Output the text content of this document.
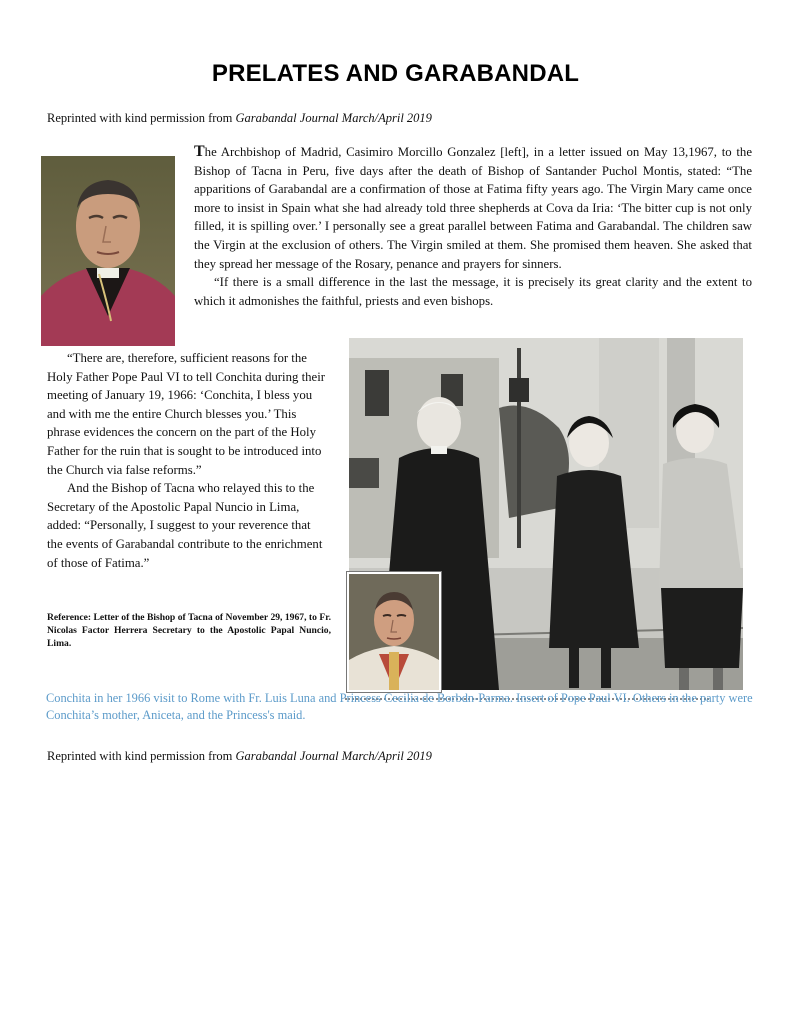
PRELATES AND GARABANDAL
Reprinted with kind permission from Garabandal Journal March/April 2019

The Archbishop of Madrid, Casimiro Morcillo Gonzalez [left], in a letter issued on May 13,1967, to the Bishop of Tacna in Peru, five days after the death of Bishop of Santander Puchol Montis, stated: “The apparitions of Garabandal are a confirmation of those at Fatima fifty years ago. The Virgin Mary came once more to insist in Spain what she had already told three shepherds at Cova da Iria: ‘The bitter cup is not only filled, it is spilling over.’ I personally see a great parallel between Fatima and Garabandal. The children saw the Virgin at the exclusion of others. The Virgin smiled at them. She promised them heaven. She asked that they spread her message of the Rosary, penance and prayers for sinners.

“If there is a small difference in the last the message, it is precisely its great clarity and the extent to which it admonishes the faithful, priests and even bishops.

“There are, therefore, sufficient reasons for the Holy Father Pope Paul VI to tell Conchita during their meeting of January 19, 1966: ‘Conchita, I bless you and with me the entire Church blesses you.’ This phrase evidences the concern on the part of the Holy Father for the ruin that is sought to be introduced into the Church via false reforms.”

And the Bishop of Tacna who relayed this to the Secretary of the Apostolic Papal Nuncio in Lima, added: “Personally, I suggest to your reverence that the events of Garabandal contribute to the enrichment of those of Fatima.”

Reference: Letter of the Bishop of Tacna of November 29, 1967, to Fr. Nicolas Factor Herrera Secretary to the Apostolic Papal Nuncio, Lima.
Conchita in her 1966 visit to Rome with Fr. Luis Luna and Princess Cecilia de Borbdn-Parma. Insert of Pope Paul VI. Others in the party were Conchita’s mother, Aniceta, and the Princess's maid.
Reprinted with kind permission from Garabandal Journal March/April 2019
